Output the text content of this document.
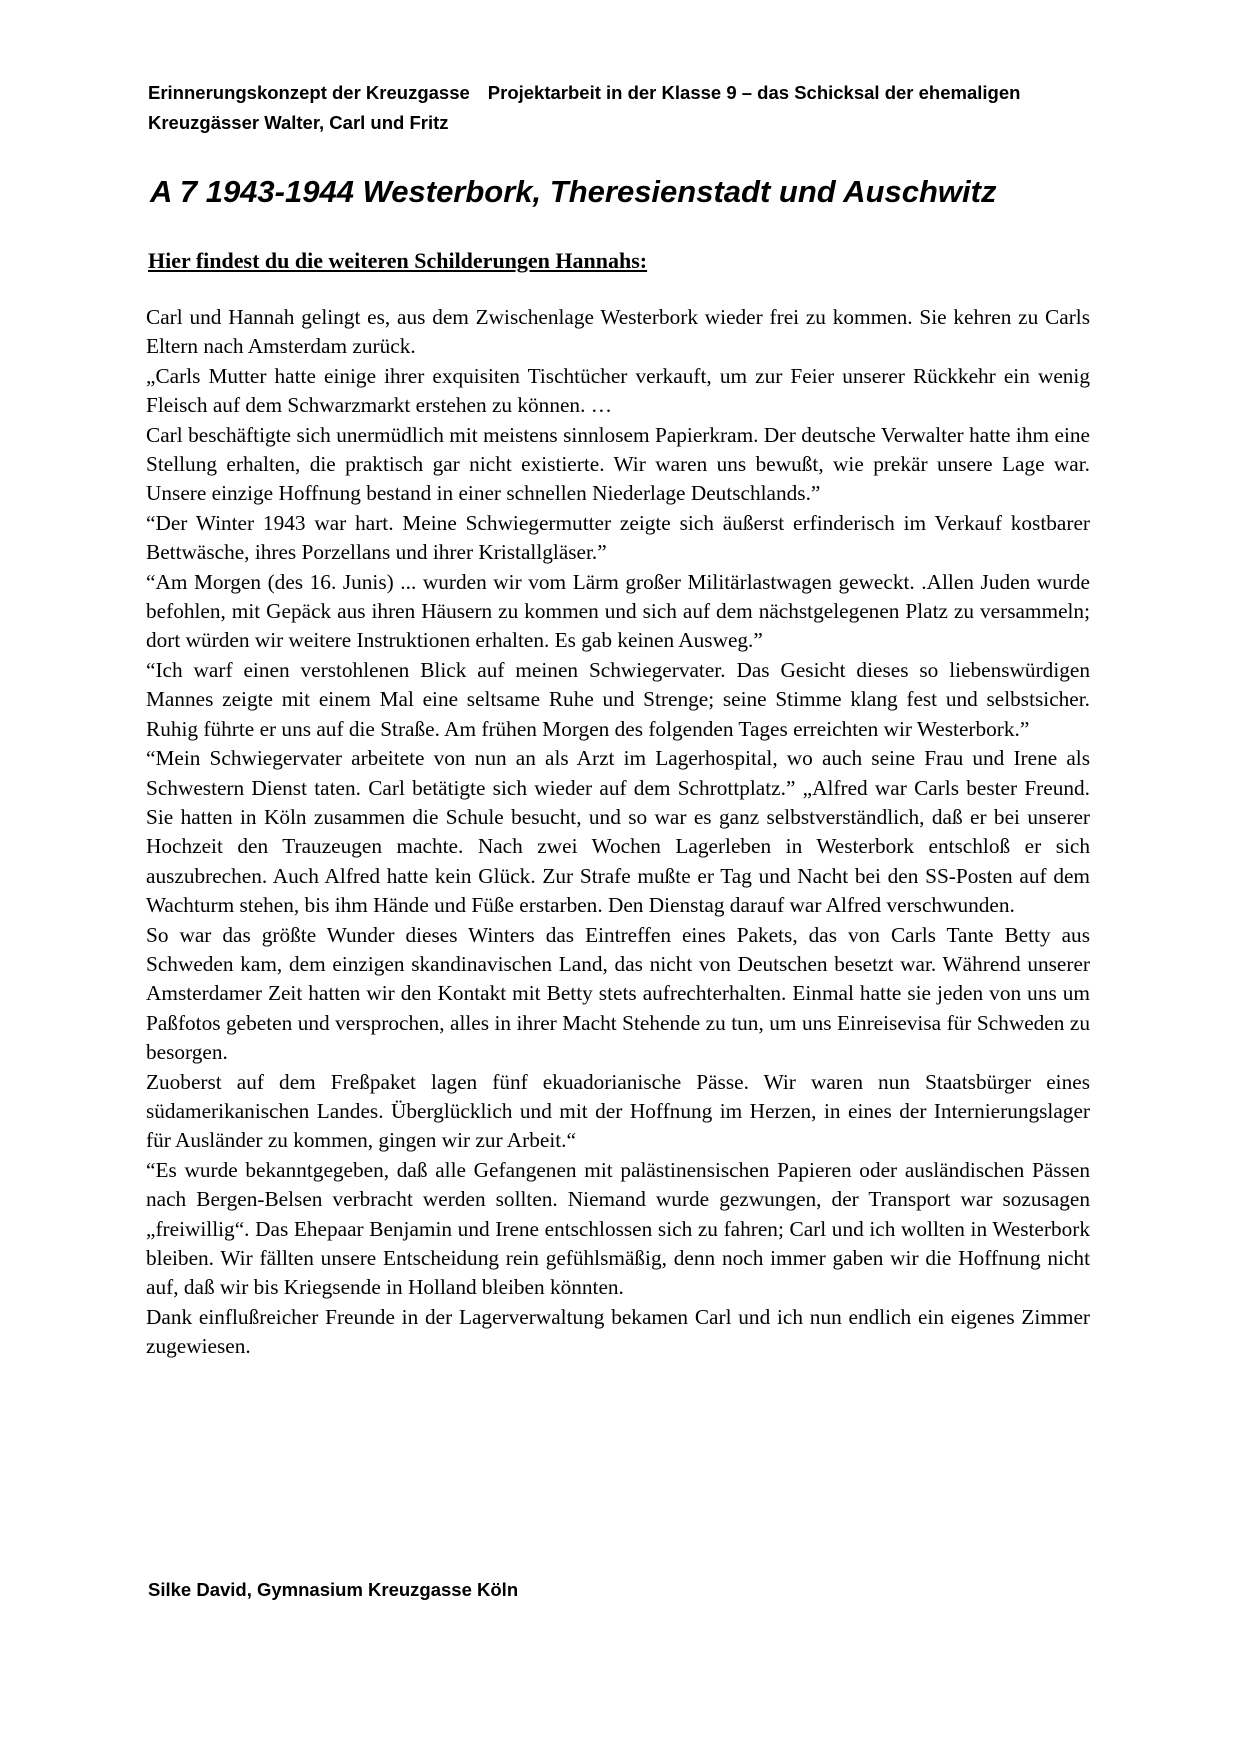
Erinnerungskonzept der Kreuzgasse Projektarbeit in der Klasse 9 – das Schicksal der ehemaligen
Kreuzgässer Walter, Carl und Fritz
A 7 1943-1944 Westerbork, Theresienstadt und Auschwitz
Hier findest du die weiteren Schilderungen Hannahs:

Carl und Hannah gelingt es, aus dem Zwischenlage Westerbork wieder frei zu kommen. Sie kehren zu Carls Eltern nach Amsterdam zurück.

„Carls Mutter hatte einige ihrer exquisiten Tischtücher verkauft, um zur Feier unserer Rückkehr ein wenig Fleisch auf dem Schwarzmarkt erstehen zu können. …

Carl beschäftigte sich unermüdlich mit meistens sinnlosem Papierkram. Der deutsche Verwalter hatte ihm eine Stellung erhalten, die praktisch gar nicht existierte. Wir waren uns bewußt, wie prekär unsere Lage war. Unsere einzige Hoffnung bestand in einer schnellen Niederlage Deutschlands.”

“Der Winter 1943 war hart. Meine Schwiegermutter zeigte sich äußerst erfinderisch im Verkauf kostbarer Bettwäsche, ihres Porzellans und ihrer Kristallgläser.”

“Am Morgen (des 16. Junis) ... wurden wir vom Lärm großer Militärlastwagen geweckt. .Allen Juden wurde befohlen, mit Gepäck aus ihren Häusern zu kommen und sich auf dem nächstgelegenen Platz zu versammeln; dort würden wir weitere Instruktionen erhalten. Es gab keinen Ausweg.”

“Ich warf einen verstohlenen Blick auf meinen Schwiegervater. Das Gesicht dieses so liebenswürdigen Mannes zeigte mit einem Mal eine seltsame Ruhe und Strenge; seine Stimme klang fest und selbstsicher. Ruhig führte er uns auf die Straße. Am frühen Morgen des folgenden Tages erreichten wir Westerbork.”

“Mein Schwiegervater arbeitete von nun an als Arzt im Lagerhospital, wo auch seine Frau und Irene als Schwestern Dienst taten. Carl betätigte sich wieder auf dem Schrottplatz.” „Alfred war Carls bester Freund. Sie hatten in Köln zusammen die Schule besucht, und so war es ganz selbstverständlich, daß er bei unserer Hochzeit den Trauzeugen machte. Nach zwei Wochen Lagerleben in Westerbork entschloß er sich auszubrechen. Auch Alfred hatte kein Glück. Zur Strafe mußte er Tag und Nacht bei den SS-Posten auf dem Wachturm stehen, bis ihm Hände und Füße erstarben. Den Dienstag darauf war Alfred verschwunden.

So war das größte Wunder dieses Winters das Eintreffen eines Pakets, das von Carls Tante Betty aus Schweden kam, dem einzigen skandinavischen Land, das nicht von Deutschen besetzt war. Während unserer Amsterdamer Zeit hatten wir den Kontakt mit Betty stets aufrechterhalten. Einmal hatte sie jeden von uns um Paßfotos gebeten und versprochen, alles in ihrer Macht Stehende zu tun, um uns Einreisevisa für Schweden zu besorgen.

Zuoberst auf dem Freßpaket lagen fünf ekuadorianische Pässe. Wir waren nun Staatsbürger eines südamerikanischen Landes. Überglücklich und mit der Hoffnung im Herzen, in eines der Internierungslager für Ausländer zu kommen, gingen wir zur Arbeit.“

“Es wurde bekanntgegeben, daß alle Gefangenen mit palästinensischen Papieren oder ausländischen Pässen nach Bergen-Belsen verbracht werden sollten. Niemand wurde gezwungen, der Transport war sozusagen „freiwillig“. Das Ehepaar Benjamin und Irene entschlossen sich zu fahren; Carl und ich wollten in Westerbork bleiben. Wir fällten unsere Entscheidung rein gefühlsmäßig, denn noch immer gaben wir die Hoffnung nicht auf, daß wir bis Kriegsende in Holland bleiben könnten.

Dank einflußreicher Freunde in der Lagerverwaltung bekamen Carl und ich nun endlich ein eigenes Zimmer zugewiesen.

Silke David, Gymnasium Kreuzgasse Köln
